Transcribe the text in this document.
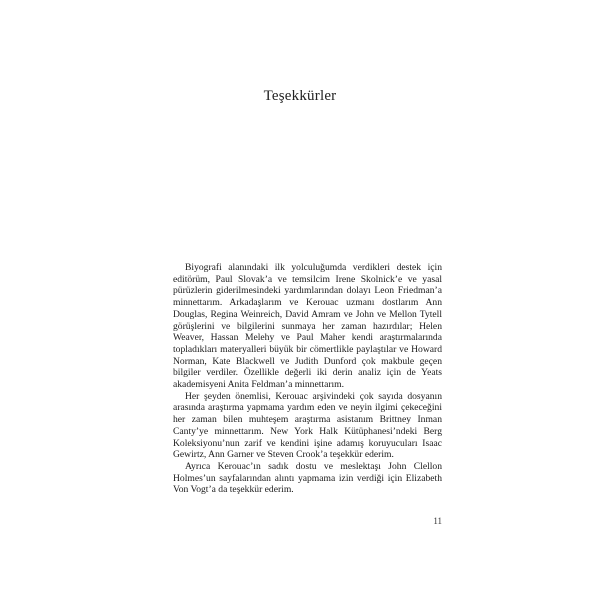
Teşekkürler

Biyografi alanındaki ilk yolculuğumda verdikleri destek için editörüm, Paul Slovak’a ve temsilcim Irene Skolnick’e ve yasal pürüzlerin giderilmesindeki yardımlarından dolayı Leon Friedman’a minnettarım. Arkadaşlarım ve Kerouac uzmanı dostlarım Ann Douglas, Regina Weinreich, David Amram ve John ve Mellon Tytell görüşlerini ve bilgilerini sunmaya her zaman hazırdılar; Helen Weaver, Hassan Melehy ve Paul Maher kendi araştırmalarında topladıkları materyalleri büyük bir cömertlikle paylaştılar ve Howard Norman, Kate Blackwell ve Judith Dunford çok makbule geçen bilgiler verdiler. Özellikle değerli iki derin analiz için de Yeats akademisyeni Anita Feldman’a minnettarım.

Her şeyden önemlisi, Kerouac arşivindeki çok sayıda dosyanın arasında araştırma yapmama yardım eden ve neyin ilgimi çekeceğini her zaman bilen muhteşem araştırma asistanım Brittney Inman Canty’ye minnettarım. New York Halk Kütüphanesi’ndeki Berg Koleksiyonu’nun zarif ve kendini işine adamış koruyucuları Isaac Gewirtz, Ann Garner ve Steven Crook’a teşekkür ederim.

Ayrıca Kerouac’ın sadık dostu ve meslektaşı John Clellon Holmes’un sayfalarından alıntı yapmama izin verdiği için Elizabeth Von Vogt’a da teşekkür ederim.

11
